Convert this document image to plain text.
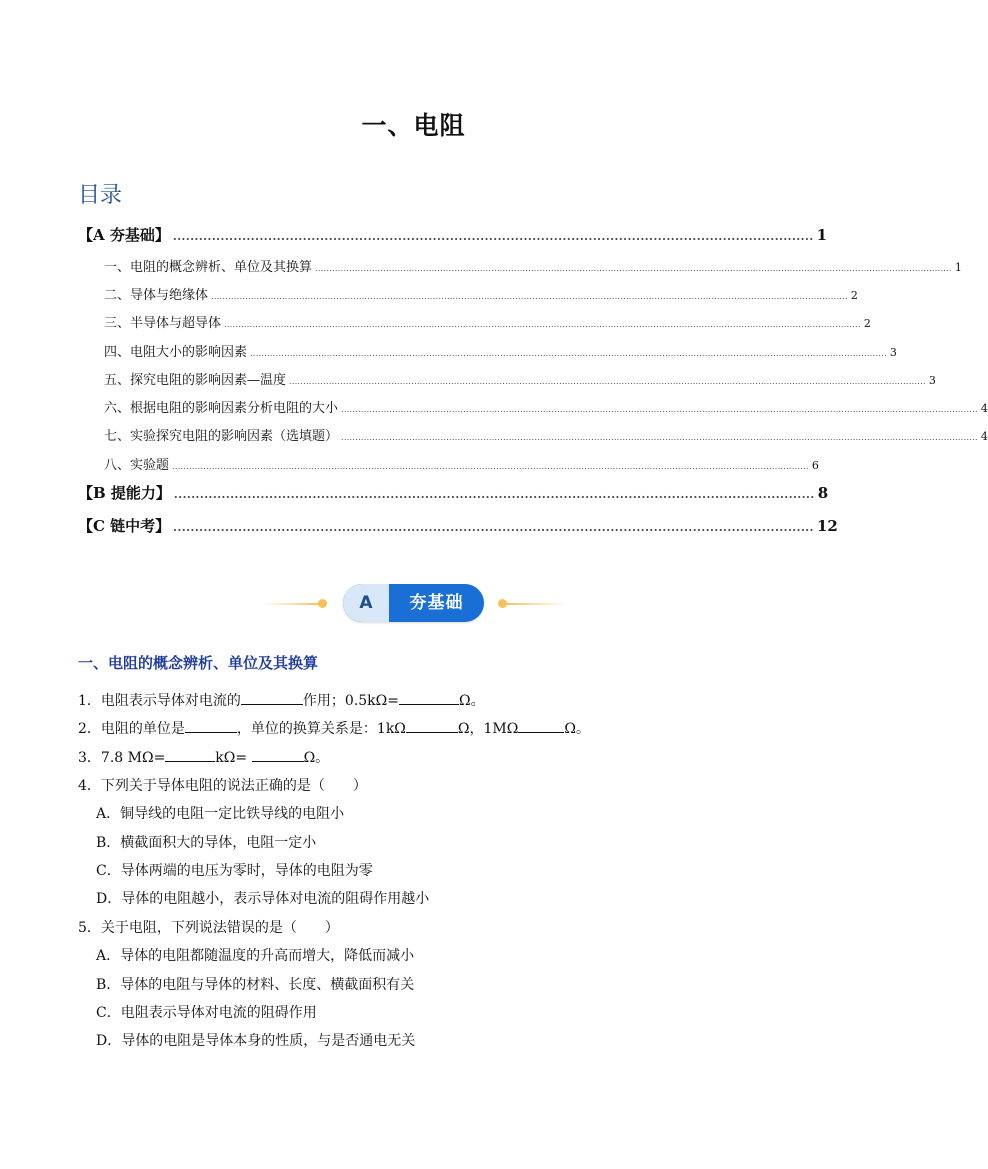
一、电阻
目录
【A 夯基础】 .................................................................................................................................................... 1
一、电阻的概念辨析、单位及其换算 ................................................................................................................................................................................................................................ 1
二、导体与绝缘体 ................................................................................................................................................................................................................................ 2
三、半导体与超导体 ................................................................................................................................................................................................................................ 2
四、电阻大小的影响因素 ................................................................................................................................................................................................................................ 3
五、探究电阻的影响因素—温度 ................................................................................................................................................................................................................................ 3
六、根据电阻的影响因素分析电阻的大小 ................................................................................................................................................................................................................................ 4
七、实验探究电阻的影响因素（选填题） ................................................................................................................................................................................................................................ 4
八、实验题 ................................................................................................................................................................................................................................ 6
【B 提能力】 .................................................................................................................................................... 8
【C 链中考】 .................................................................................................................................................... 12
A	夯基础
一、电阻的概念辨析、单位及其换算
1．电阻表示导体对电流的	作用；0.5kΩ=	Ω。
2．电阻的单位是	，单位的换算关系是：1kΩ	Ω，1MΩ	Ω。
3．7.8 MΩ=	kΩ=	Ω。
4．下列关于导体电阻的说法正确的是（　　）
A．铜导线的电阻一定比铁导线的电阻小
B．横截面积大的导体，电阻一定小
C．导体两端的电压为零时，导体的电阻为零
D．导体的电阻越小，表示导体对电流的阻碍作用越小
5．关于电阻，下列说法错误的是（　　）
A．导体的电阻都随温度的升高而增大，降低而减小
B．导体的电阻与导体的材料、长度、横截面积有关
C．电阻表示导体对电流的阻碍作用
D．导体的电阻是导体本身的性质，与是否通电无关
